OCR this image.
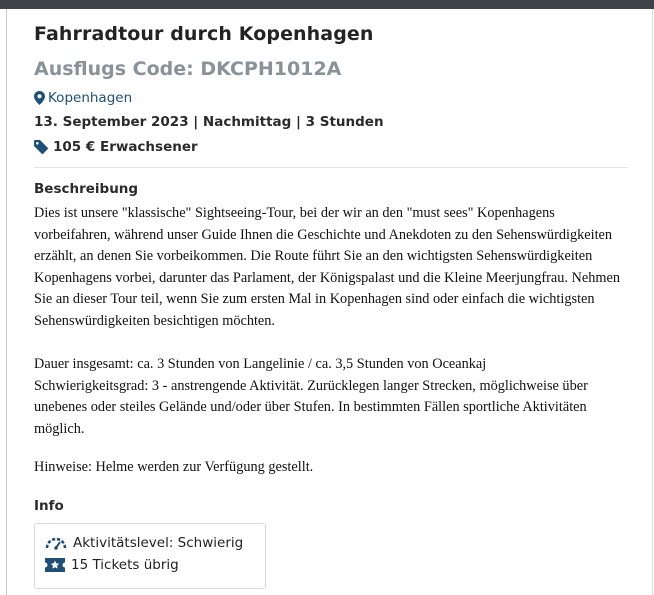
Fahrradtour durch Kopenhagen
Ausflugs Code: DKCPH1012A
Kopenhagen
13. September 2023 | Nachmittag | 3 Stunden
105 € Erwachsener
Beschreibung

Dies ist unsere "klassische" Sightseeing-Tour, bei der wir an den "must sees" Kopenhagens vorbeifahren, während unser Guide Ihnen die Geschichte und Anekdoten zu den Sehenswürdigkeiten erzählt, an denen Sie vorbeikommen. Die Route führt Sie an den wichtigsten Sehenswürdigkeiten Kopenhagens vorbei, darunter das Parlament, der Königspalast und die Kleine Meerjungfrau. Nehmen Sie an dieser Tour teil, wenn Sie zum ersten Mal in Kopenhagen sind oder einfach die wichtigsten Sehenswürdigkeiten besichtigen möchten.

Dauer insgesamt: ca. 3 Stunden von Langelinie / ca. 3,5 Stunden von Oceankaj

Schwierigkeitsgrad: 3 - anstrengende Aktivität. Zurücklegen langer Strecken, möglichweise über unebenes oder steiles Gelände und/oder über Stufen. In bestimmten Fällen sportliche Aktivitäten möglich.

Hinweise: Helme werden zur Verfügung gestellt.

Info
Aktivitätslevel: Schwierig
15 Tickets übrig
